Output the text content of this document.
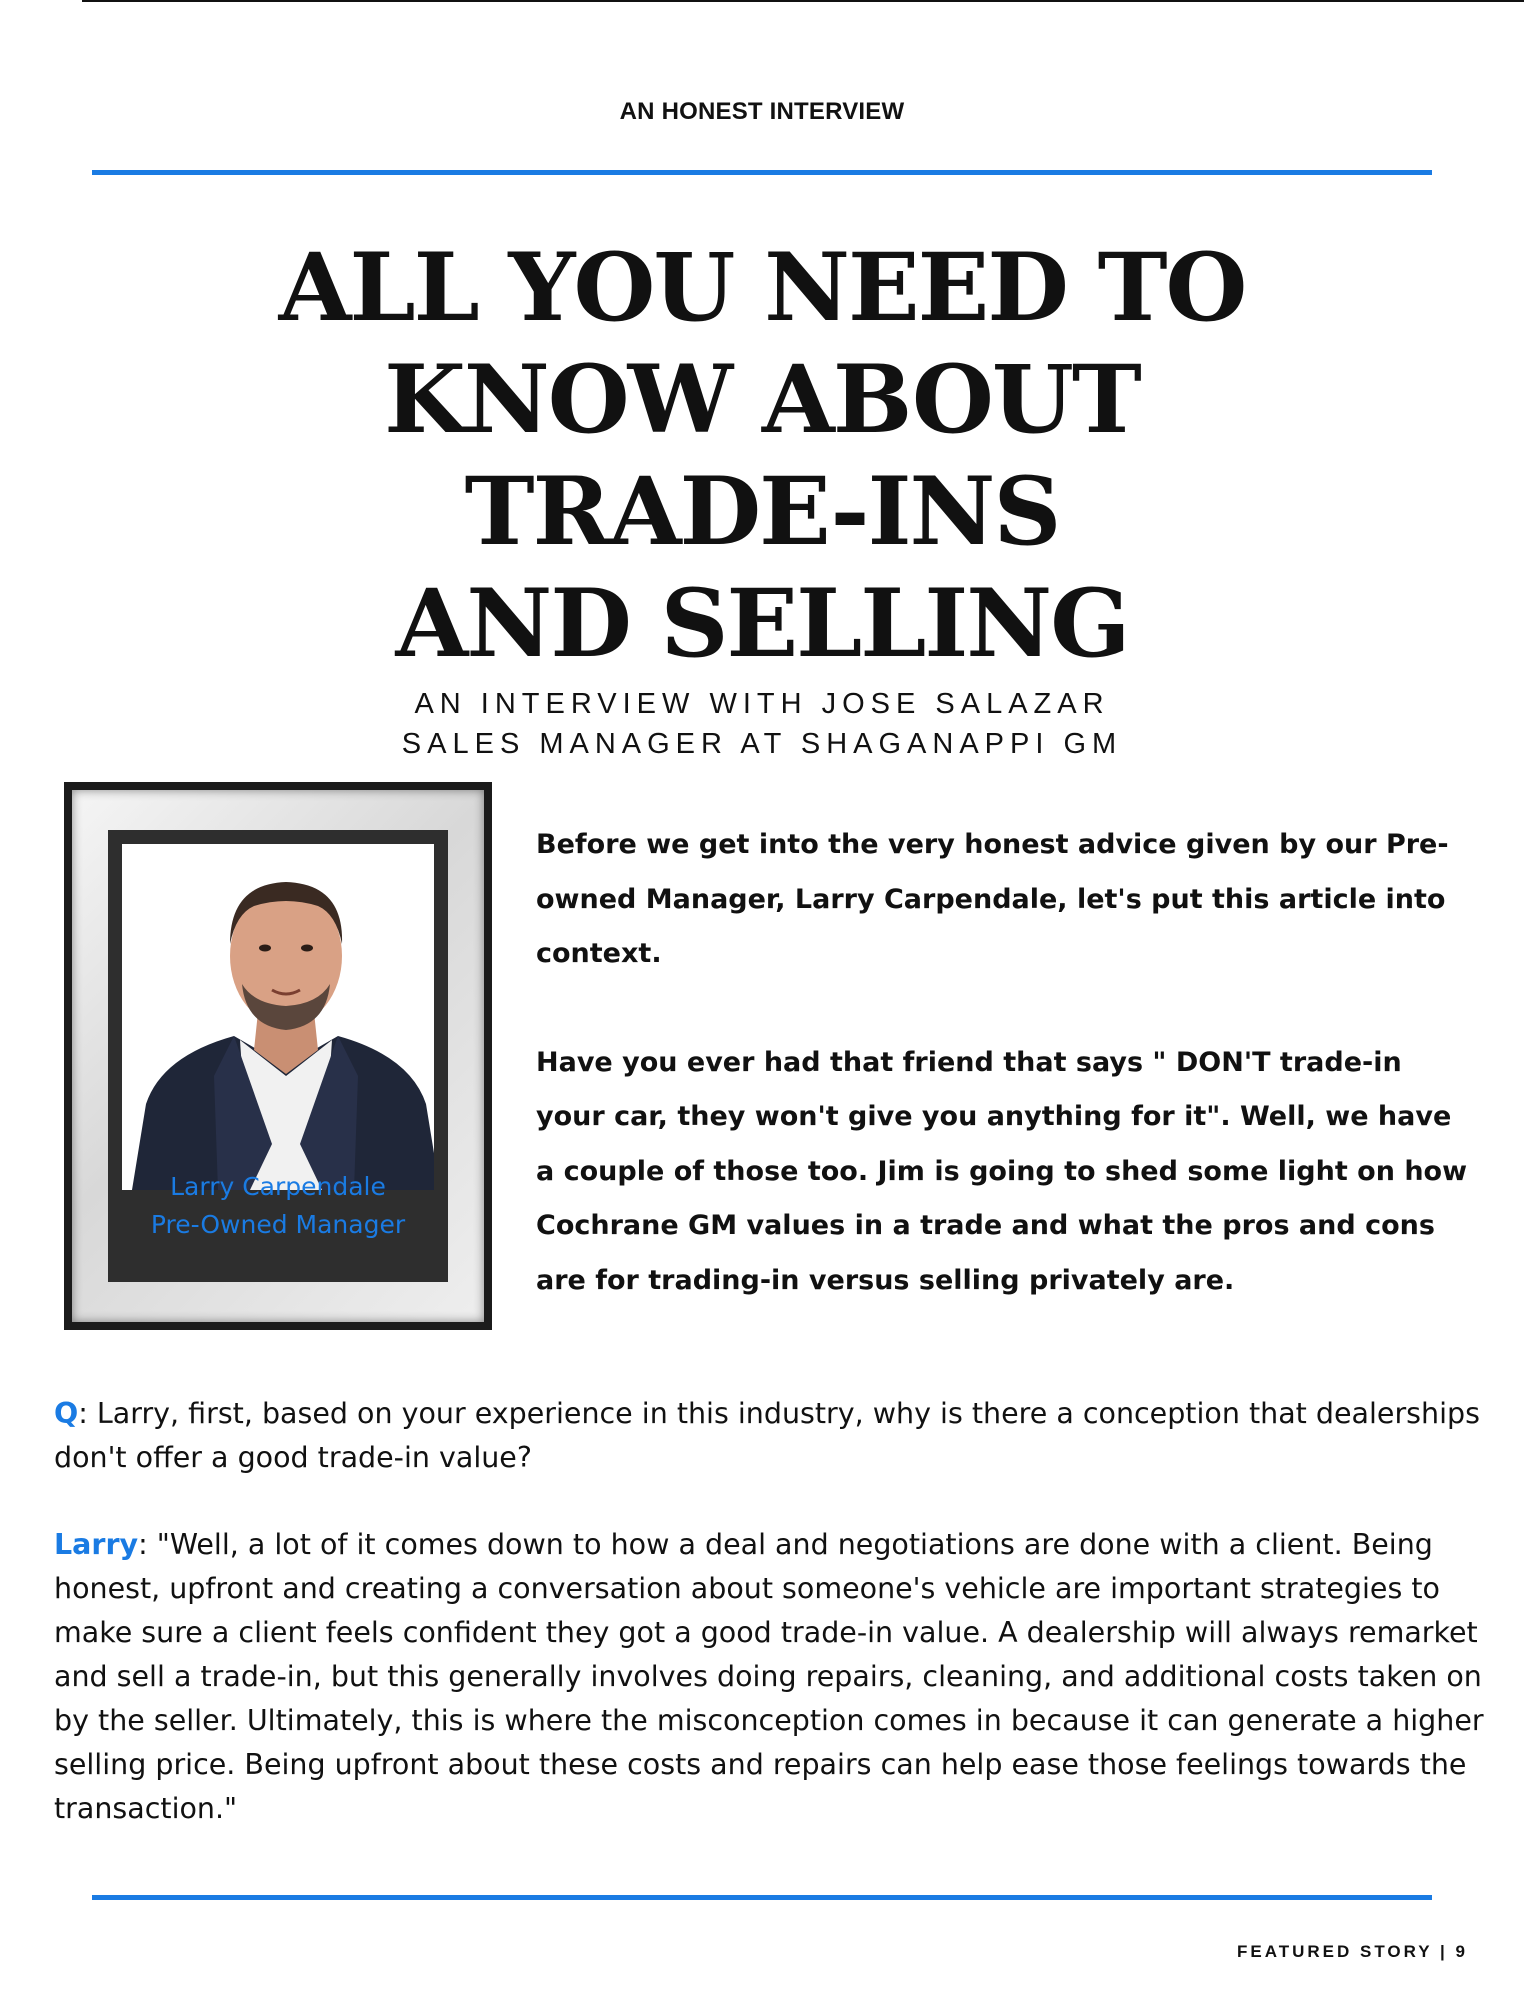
AN HONEST INTERVIEW
ALL YOU NEED TO
KNOW ABOUT
TRADE-INS
AND SELLING
AN INTERVIEW WITH JOSE SALAZAR
SALES MANAGER AT SHAGANAPPI GM
Larry Carpendale
Pre-Owned Manager

Before we get into the very honest advice given by our Pre-owned Manager, Larry Carpendale, let's put this article into context.

Have you ever had that friend that says " DON'T trade-in your car, they won't give you anything for it". Well, we have a couple of those too. Jim is going to shed some light on how Cochrane GM values in a trade and what the pros and cons are for trading-in versus selling privately are.

Q: Larry, first, based on your experience in this industry, why is there a conception that dealerships don't offer a good trade-in value?

Larry: "Well, a lot of it comes down to how a deal and negotiations are done with a client. Being honest, upfront and creating a conversation about someone's vehicle are important strategies to make sure a client feels confident they got a good trade-in value. A dealership will always remarket and sell a trade-in, but this generally involves doing repairs, cleaning, and additional costs taken on by the seller. Ultimately, this is where the misconception comes in because it can generate a higher selling price. Being upfront about these costs and repairs can help ease those feelings towards the transaction."

FEATURED STORY | 9
